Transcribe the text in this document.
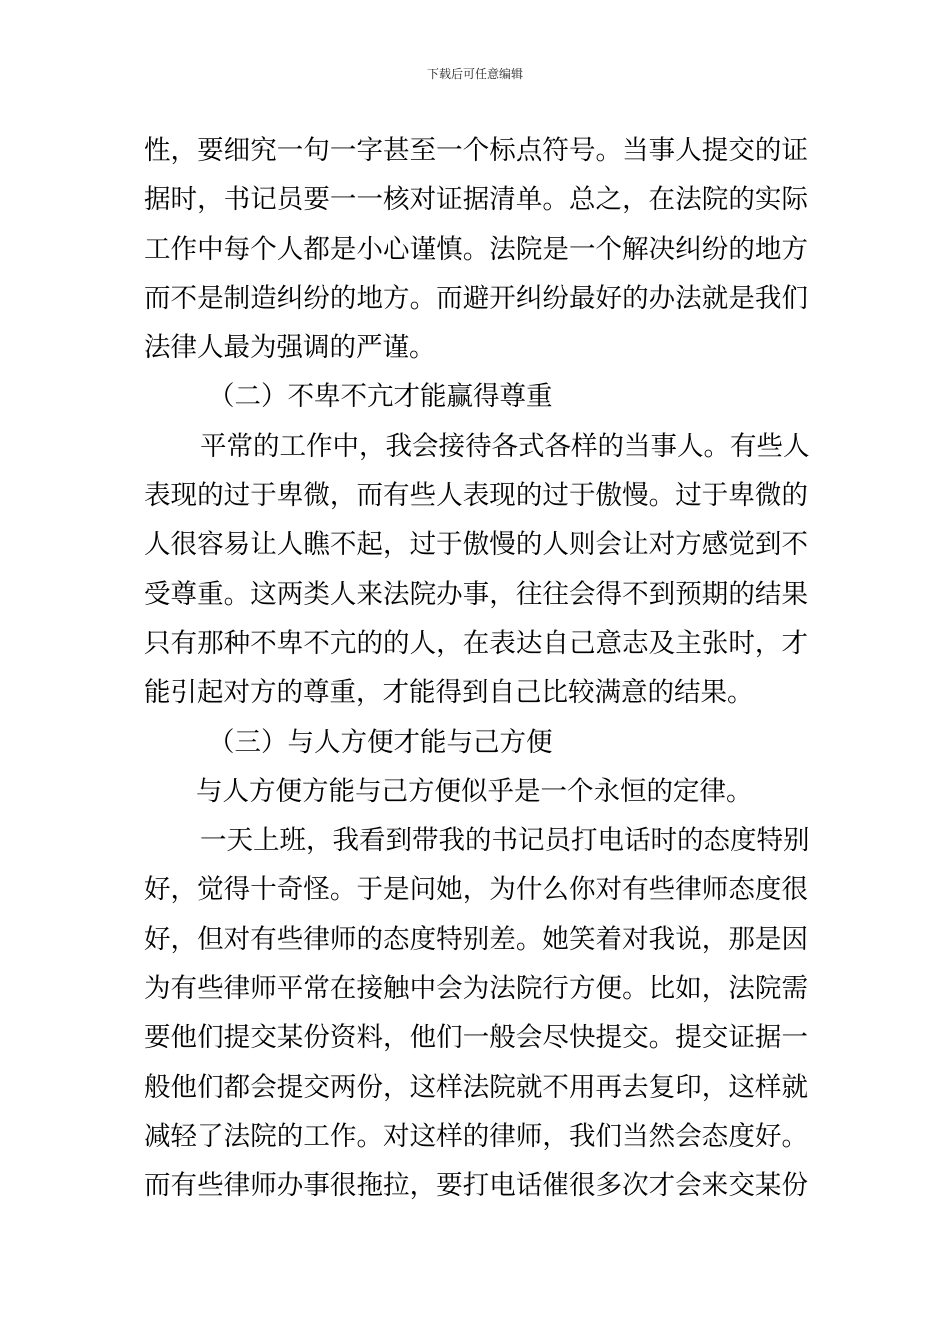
下载后可任意编辑
性，要细究一句一字甚至一个标点符号。当事人提交的证
据时，书记员要一一核对证据清单。总之，在法院的实际
工作中每个人都是小心谨慎。法院是一个解决纠纷的地方
而不是制造纠纷的地方。而避开纠纷最好的办法就是我们
法律人最为强调的严谨。
（二）不卑不亢才能赢得尊重
平常的工作中，我会接待各式各样的当事人。有些人
表现的过于卑微，而有些人表现的过于傲慢。过于卑微的
人很容易让人瞧不起，过于傲慢的人则会让对方感觉到不
受尊重。这两类人来法院办事，往往会得不到预期的结果
只有那种不卑不亢的的人，在表达自己意志及主张时，才
能引起对方的尊重，才能得到自己比较满意的结果。
（三）与人方便才能与己方便
与人方便方能与己方便似乎是一个永恒的定律。
一天上班，我看到带我的书记员打电话时的态度特别
好，觉得十奇怪。于是问她，为什么你对有些律师态度很
好，但对有些律师的态度特别差。她笑着对我说，那是因
为有些律师平常在接触中会为法院行方便。比如，法院需
要他们提交某份资料，他们一般会尽快提交。提交证据一
般他们都会提交两份，这样法院就不用再去复印，这样就
减轻了法院的工作。对这样的律师，我们当然会态度好。
而有些律师办事很拖拉，要打电话催很多次才会来交某份
